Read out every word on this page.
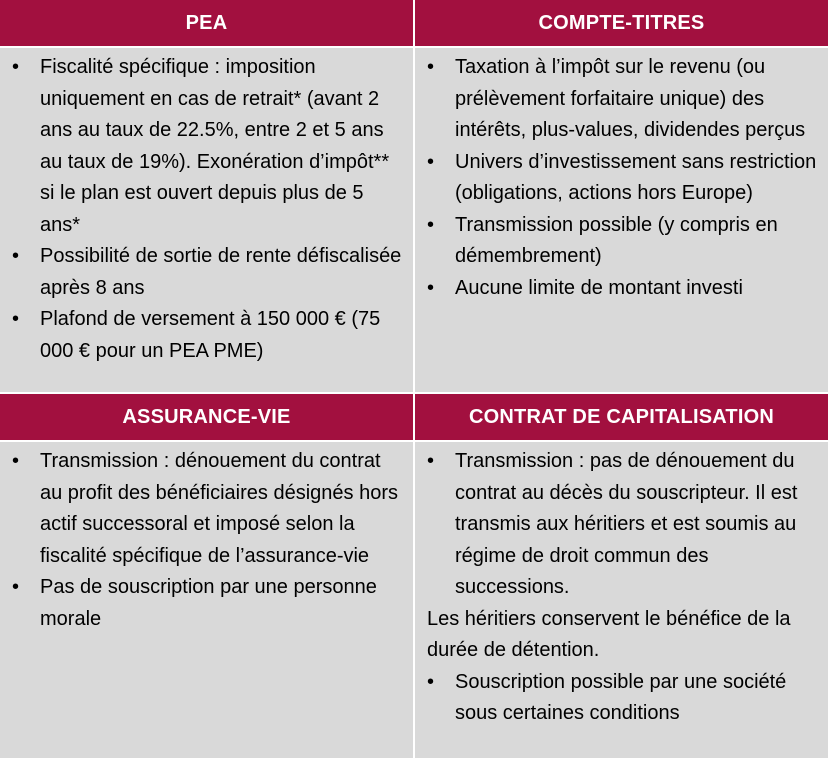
PEA	COMPTE-TITRES
• Fiscalité spécifique : imposition uniquement en cas de retrait* (avant 2 ans au taux de 22.5%, entre 2 et 5 ans au taux de 19%). Exonération d’impôt** si le plan est ouvert depuis plus de 5 ans*
• Possibilité de sortie de rente défiscalisée après 8 ans
• Plafond de versement à 150 000 € (75 000 € pour un PEA PME)
• Taxation à l’impôt sur le revenu (ou prélèvement forfaitaire unique) des intérêts, plus-values, dividendes perçus
• Univers d’investissement sans restriction (obligations, actions hors Europe)
• Transmission possible (y compris en démembrement)
• Aucune limite de montant investi
ASSURANCE-VIE	CONTRAT DE CAPITALISATION
• Transmission : dénouement du contrat au profit des bénéficiaires désignés hors actif successoral et imposé selon la fiscalité spécifique de l’assurance-vie
• Pas de souscription par une personne morale
• Transmission : pas de dénouement du contrat au décès du souscripteur. Il est transmis aux héritiers et est soumis au régime de droit commun des successions.

Les héritiers conservent le bénéfice de la durée de détention.

• Souscription possible par une société sous certaines conditions
